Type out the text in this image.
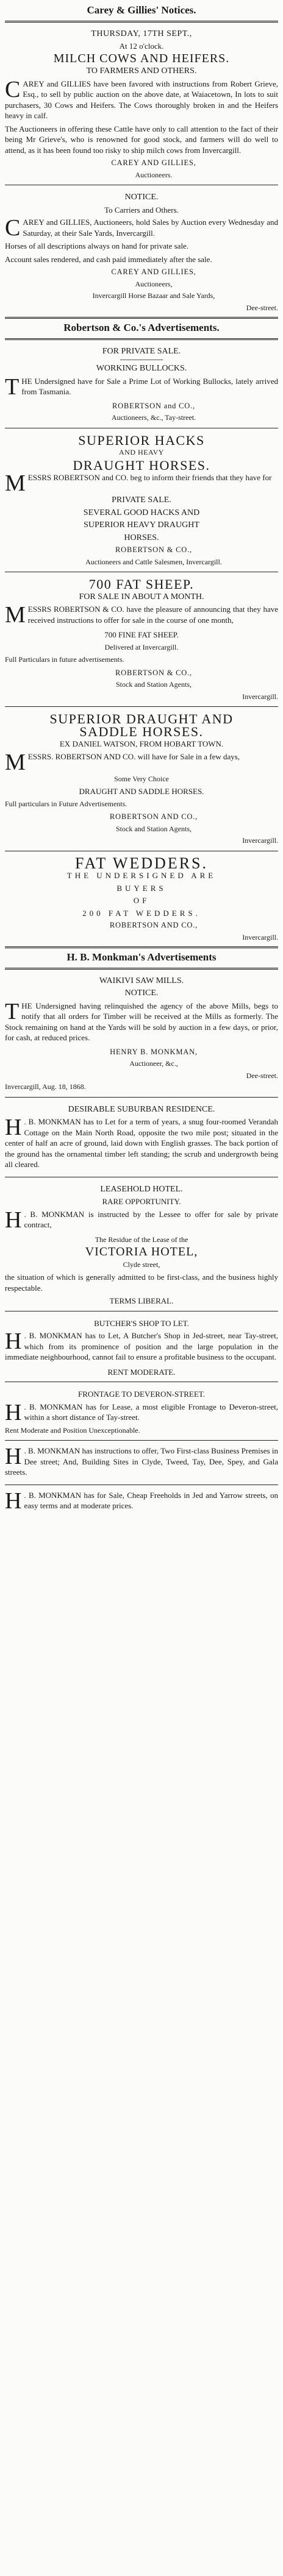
Carey & Gillies' Notices.
THURSDAY, 17TH SEPT.,
At 12 o'clock.
MILCH COWS AND HEIFERS.
TO FARMERS AND OTHERS.
C AREY and GILLIES have been favored with instructions from Robert Grieve, Esq., to sell by public auction on the above date, at Waiacetown, In lots to suit purchasers, 30 Cows and Heifers. The Cows thoroughly broken in and the Heifers heavy in calf.

The Auctioneers in offering these Cattle have only to call attention to the fact of their being Mr Grieve's, who is renowned for good stock, and farmers will do well to attend, as it has been found too risky to ship milch cows from Invercargill.

CAREY AND GILLIES,
Auctioneers.
NOTICE.
To Carriers and Others.
C AREY and GILLIES, Auctioneers, hold Sales by Auction every Wednesday and Saturday, at their Sale Yards, Invercargill.

Horses of all descriptions always on hand for private sale.

Account sales rendered, and cash paid immediately after the sale.

CAREY AND GILLIES,
Auctioneers,
Invercargill Horse Bazaar and Sale Yards,
Dee-street.
Robertson & Co.'s Advertisements.
FOR PRIVATE SALE.
WORKING BULLOCKS.
T HE Undersigned have for Sale a Prime Lot of Working Bullocks, lately arrived from Tasmania.
ROBERTSON and CO.,
Auctioneers, &c., Tay-street.
SUPERIOR HACKS
AND HEAVY
DRAUGHT HORSES.
M ESSRS ROBERTSON and CO. beg to inform their friends that they have for
PRIVATE SALE.
SEVERAL GOOD HACKS AND
SUPERIOR HEAVY DRAUGHT
HORSES.
ROBERTSON & CO.,
Auctioneers and Cattle Salesmen, Invercargill.
700 FAT SHEEP.
FOR SALE IN ABOUT A MONTH.
M ESSRS ROBERTSON & CO. have the pleasure of announcing that they have received instructions to offer for sale in the course of one month,
700 FINE FAT SHEEP.
Delivered at Invercargill.

Full Particulars in future advertisements.

ROBERTSON & CO.,
Stock and Station Agents,
Invercargill.
SUPERIOR DRAUGHT AND
SADDLE HORSES.
EX DANIEL WATSON, FROM HOBART TOWN.
M ESSRS. ROBERTSON AND CO. will have for Sale in a few days,
Some Very Choice
DRAUGHT AND SADDLE HORSES.

Full particulars in Future Advertisements.

ROBERTSON AND CO.,
Stock and Station Agents,
Invercargill.
FAT WEDDERS.
THE UNDERSIGNED ARE
BUYERS
OF
200 FAT WEDDERS.
ROBERTSON AND CO.,
Invercargill.
H. B. Monkman's Advertisements
WAIKIVI SAW MILLS.
NOTICE.
T HE Undersigned having relinquished the agency of the above Mills, begs to notify that all orders for Timber will be received at the Mills as formerly. The Stock remaining on hand at the Yards will be sold by auction in a few days, or prior, for cash, at reduced prices.
HENRY B. MONKMAN,
Auctioneer, &c.,
Dee-street.

Invercargill, Aug. 18, 1868.

DESIRABLE SUBURBAN RESIDENCE.
H . B. MONKMAN has to Let for a term of years, a snug four-roomed Verandah Cottage on the Main North Road, opposite the two mile post; situated in the center of half an acre of ground, laid down with English grasses. The back portion of the ground has the ornamental timber left standing; the scrub and undergrowth being all cleared.
LEASEHOLD HOTEL.
RARE OPPORTUNITY.
H . B. MONKMAN is instructed by the Lessee to offer for sale by private contract,
The Residue of the Lease of the
VICTORIA HOTEL,
Clyde street,

the situation of which is generally admitted to be first-class, and the business highly respectable.

TERMS LIBERAL.
BUTCHER'S SHOP TO LET.
H . B. MONKMAN has to Let, A Butcher's Shop in Jed-street, near Tay-street, which from its prominence of position and the large population in the immediate neighbourhood, cannot fail to ensure a profitable business to the occupant.
RENT MODERATE.
FRONTAGE TO DEVERON-STREET.
H . B. MONKMAN has for Lease, a most eligible Frontage to Deveron-street, within a short distance of Tay-street.

Rent Moderate and Position Unexceptionable.

H . B. MONKMAN has instructions to offer, Two First-class Business Premises in Dee street; And, Building Sites in Clyde, Tweed, Tay, Dee, Spey, and Gala streets.
H . B. MONKMAN has for Sale, Cheap Freeholds in Jed and Yarrow streets, on easy terms and at moderate prices.
